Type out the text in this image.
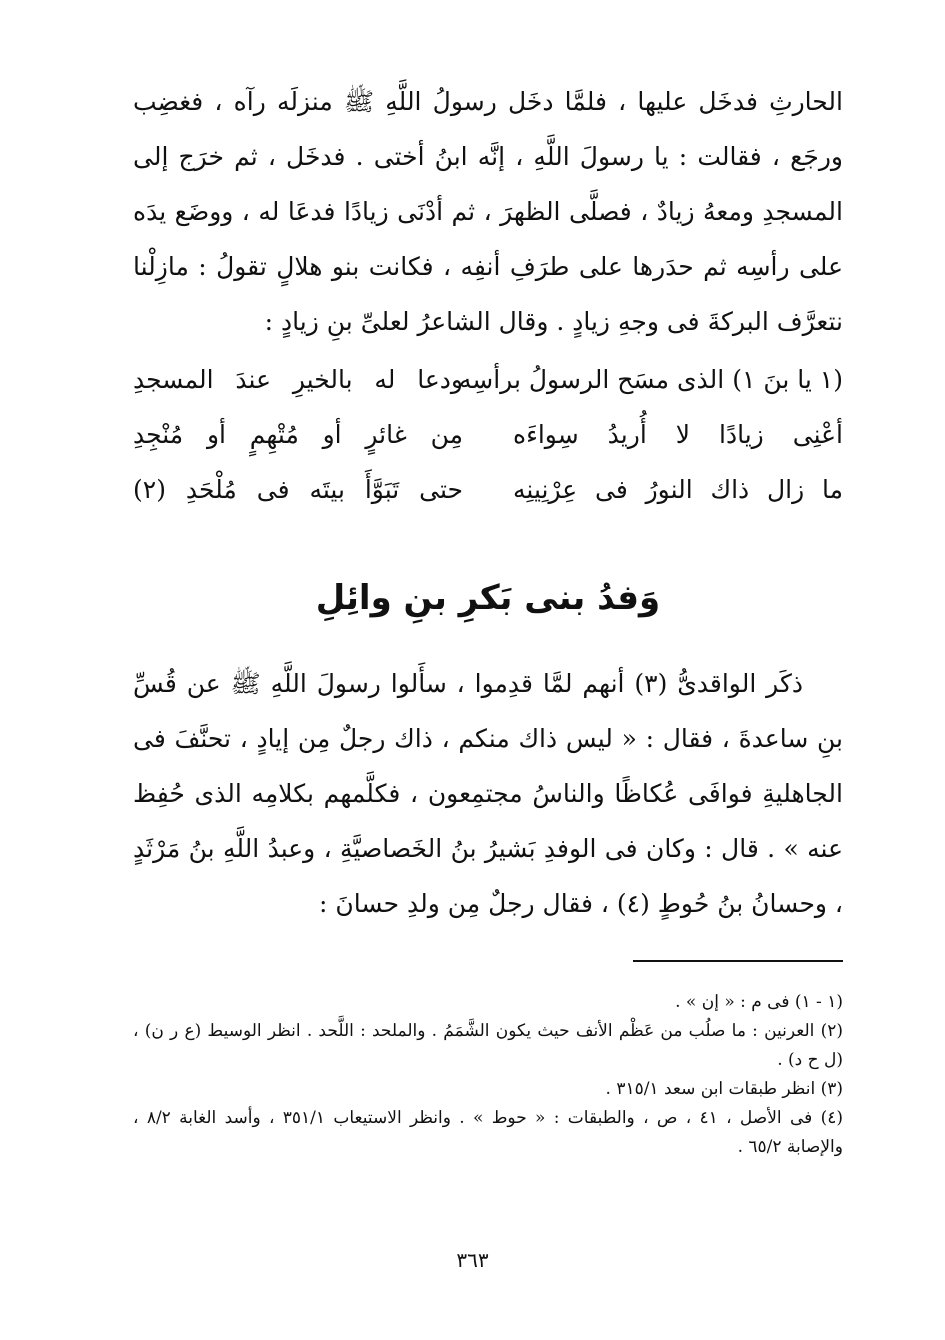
الحارثِ فدخَل عليها ، فلمَّا دخَل رسولُ اللَّهِ ﷺ منزلَه رآه ، فغضِب ورجَع ، فقالت : يا رسولَ اللَّهِ ، إنَّه ابنُ أختى . فدخَل ، ثم خرَج إلى المسجدِ ومعهُ زيادٌ ، فصلَّى الظهرَ ، ثم أدْنَى زيادًا فدعَا له ، ووضَع يدَه على رأسِه ثم حدَرها على طرَفِ أنفِه ، فكانت بنو هلالٍ تقولُ : مازِلْنا نتعرَّف البركةَ فى وجهِ زيادٍ . وقال الشاعرُ لعلىِّ بنِ زيادٍ :

(١ يا بنَ ١) الذى مسَح الرسولُ برأسِه
ودعا له بالخيرِ عندَ المسجدِ
أعْنِى زيادًا لا أُريدُ سِواءَه
مِن غائرٍ أو مُتْهِمٍ أو مُنْجِدِ
ما زال ذاك النورُ فى عِرْنِينِه
حتى تَبَوَّأَ بيتَه فى مُلْحَدِ (٢)
وَفدُ بنى بَكرِ بنِ وائِلِ

ذكَر الواقدىُّ (٣) أنهم لمَّا قدِموا ، سأَلوا رسولَ اللَّهِ ﷺ عن قُسِّ بنِ ساعدةَ ، فقال : « ليس ذاك منكم ، ذاك رجلٌ مِن إيادٍ ، تحنَّفَ فى الجاهليةِ فوافَى عُكاظًا والناسُ مجتمِعون ، فكلَّمهم بكلامِه الذى حُفِظ عنه » . قال : وكان فى الوفدِ بَشيرُ بنُ الخَصاصيَّةِ ، وعبدُ اللَّهِ بنُ مَرْثَدٍ ، وحسانُ بنُ حُوطٍ (٤) ، فقال رجلٌ مِن ولدِ حسانَ :

(١ - ١) فى م : « إن » .

(٢) العرنين : ما صلُب من عَظْم الأنف حيث يكون الشَّمَمُ . والملحد : اللَّحد . انظر الوسيط (ع ر ن) ، (ل ح د) .

(٣) انظر طبقات ابن سعد ٣١٥/١ .

(٤) فى الأصل ، ٤١ ، ص ، والطبقات : « حوط » . وانظر الاستيعاب ٣٥١/١ ، وأسد الغابة ٨/٢ ، والإصابة ٦٥/٢ .

٣٦٣
